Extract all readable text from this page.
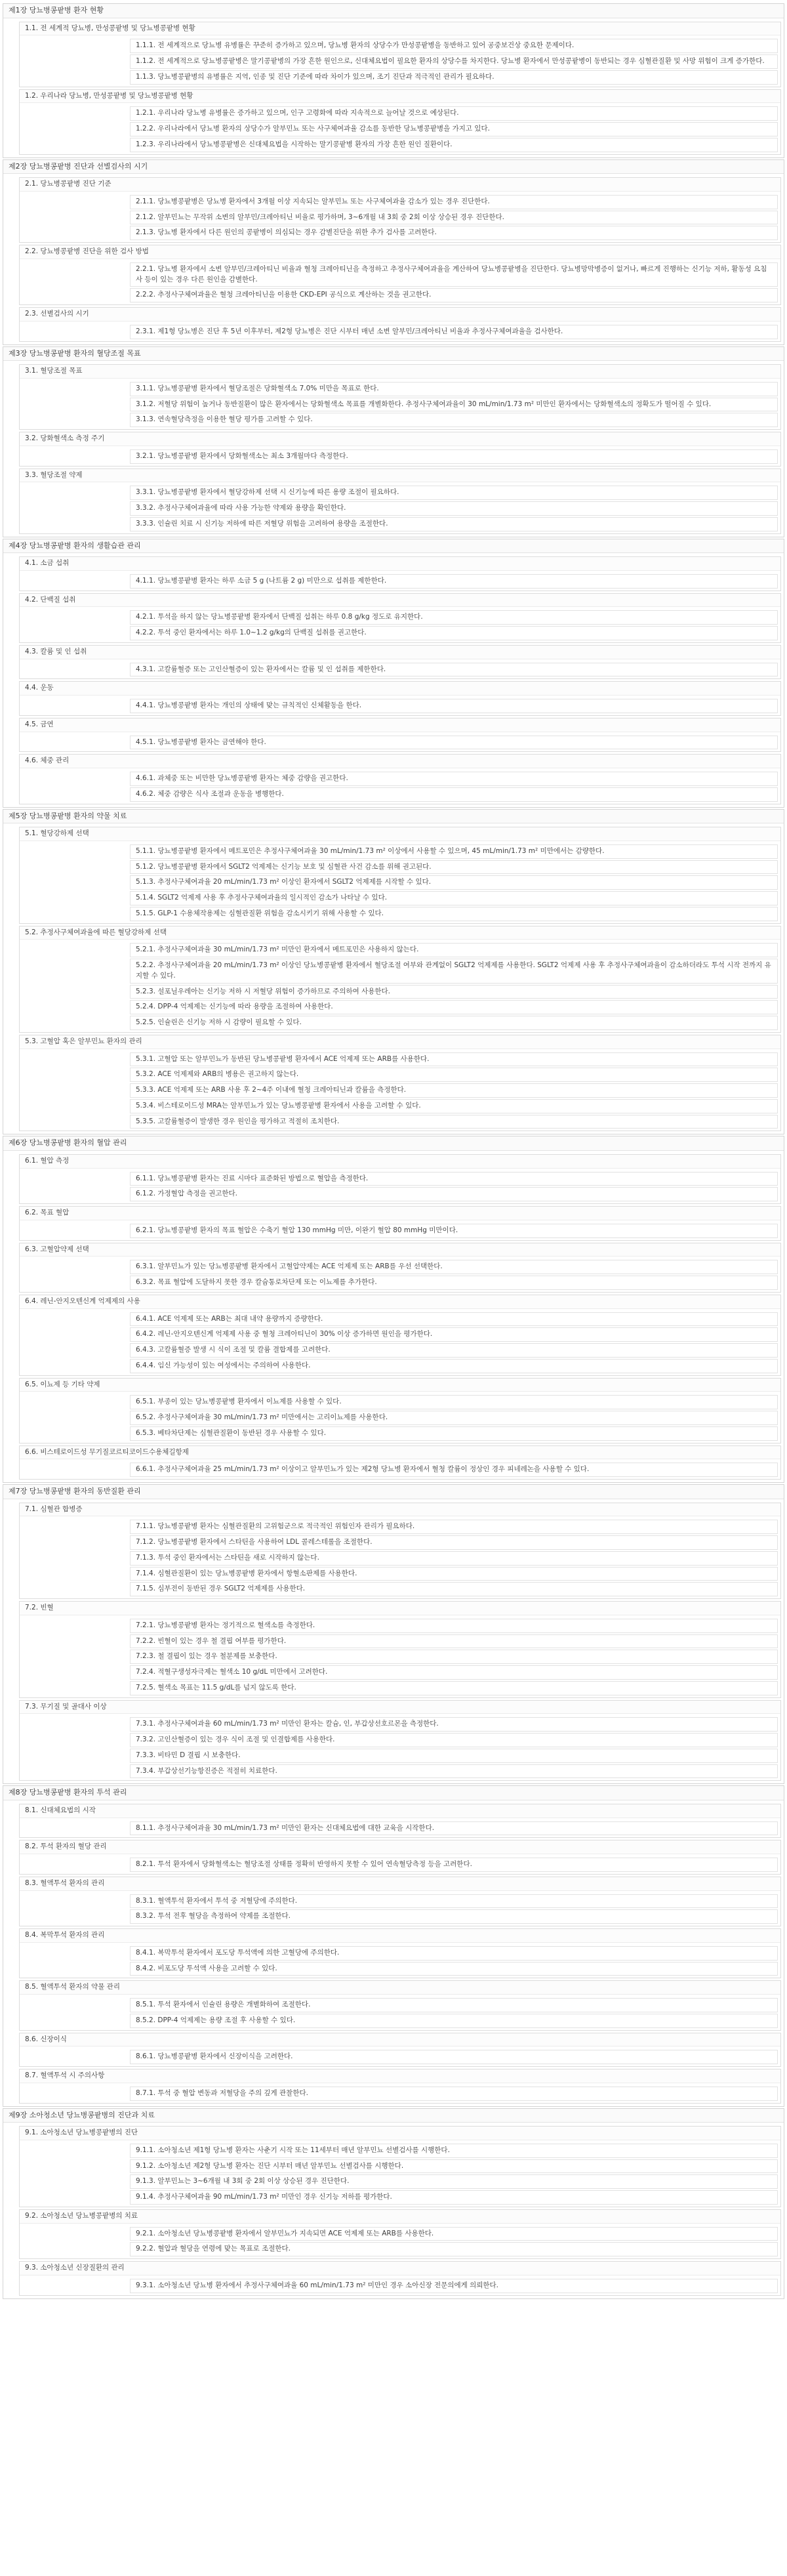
제1장 당뇨병콩팥병 환자 현황
1.1. 전 세계적 당뇨병, 만성콩팥병 및 당뇨병콩팥병 현황
1.1.1. 전 세계적으로 당뇨병 유병률은 꾸준히 증가하고 있으며, 당뇨병 환자의 상당수가 만성콩팥병을 동반하고 있어 공중보건상 중요한 문제이다.
1.1.2. 전 세계적으로 당뇨병콩팥병은 말기콩팥병의 가장 흔한 원인으로, 신대체요법이 필요한 환자의 상당수를 차지한다. 당뇨병 환자에서 만성콩팥병이 동반되는 경우 심혈관질환 및 사망 위험이 크게 증가한다.
1.1.3. 당뇨병콩팥병의 유병률은 지역, 인종 및 진단 기준에 따라 차이가 있으며, 조기 진단과 적극적인 관리가 필요하다.
1.2. 우리나라 당뇨병, 만성콩팥병 및 당뇨병콩팥병 현황
1.2.1. 우리나라 당뇨병 유병률은 증가하고 있으며, 인구 고령화에 따라 지속적으로 늘어날 것으로 예상된다.
1.2.2. 우리나라에서 당뇨병 환자의 상당수가 알부민뇨 또는 사구체여과율 감소를 동반한 당뇨병콩팥병을 가지고 있다.
1.2.3. 우리나라에서 당뇨병콩팥병은 신대체요법을 시작하는 말기콩팥병 환자의 가장 흔한 원인 질환이다.
제2장 당뇨병콩팥병 진단과 선별검사의 시기
2.1. 당뇨병콩팥병 진단 기준
2.1.1. 당뇨병콩팥병은 당뇨병 환자에서 3개월 이상 지속되는 알부민뇨 또는 사구체여과율 감소가 있는 경우 진단한다.
2.1.2. 알부민뇨는 무작위 소변의 알부민/크레아티닌 비율로 평가하며, 3~6개월 내 3회 중 2회 이상 상승된 경우 진단한다.
2.1.3. 당뇨병 환자에서 다른 원인의 콩팥병이 의심되는 경우 감별진단을 위한 추가 검사를 고려한다.
2.2. 당뇨병콩팥병 진단을 위한 검사 방법
2.2.1. 당뇨병 환자에서 소변 알부민/크레아티닌 비율과 혈청 크레아티닌을 측정하고 추정사구체여과율을 계산하여 당뇨병콩팥병을 진단한다. 당뇨병망막병증이 없거나, 빠르게 진행하는 신기능 저하, 활동성 요침사 등이 있는 경우 다른 원인을 감별한다.
2.2.2. 추정사구체여과율은 혈청 크레아티닌을 이용한 CKD-EPI 공식으로 계산하는 것을 권고한다.
2.3. 선별검사의 시기
2.3.1. 제1형 당뇨병은 진단 후 5년 이후부터, 제2형 당뇨병은 진단 시부터 매년 소변 알부민/크레아티닌 비율과 추정사구체여과율을 검사한다.
제3장 당뇨병콩팥병 환자의 혈당조절 목표
3.1. 혈당조절 목표
3.1.1. 당뇨병콩팥병 환자에서 혈당조절은 당화혈색소 7.0% 미만을 목표로 한다.
3.1.2. 저혈당 위험이 높거나 동반질환이 많은 환자에서는 당화혈색소 목표를 개별화한다. 추정사구체여과율이 30 mL/min/1.73 m² 미만인 환자에서는 당화혈색소의 정확도가 떨어질 수 있다.
3.1.3. 연속혈당측정을 이용한 혈당 평가를 고려할 수 있다.
3.2. 당화혈색소 측정 주기
3.2.1. 당뇨병콩팥병 환자에서 당화혈색소는 최소 3개월마다 측정한다.
3.3. 혈당조절 약제
3.3.1. 당뇨병콩팥병 환자에서 혈당강하제 선택 시 신기능에 따른 용량 조절이 필요하다.
3.3.2. 추정사구체여과율에 따라 사용 가능한 약제와 용량을 확인한다.
3.3.3. 인슐린 치료 시 신기능 저하에 따른 저혈당 위험을 고려하여 용량을 조절한다.
제4장 당뇨병콩팥병 환자의 생활습관 관리
4.1. 소금 섭취
4.1.1. 당뇨병콩팥병 환자는 하루 소금 5 g (나트륨 2 g) 미만으로 섭취를 제한한다.
4.2. 단백질 섭취
4.2.1. 투석을 하지 않는 당뇨병콩팥병 환자에서 단백질 섭취는 하루 0.8 g/kg 정도로 유지한다.
4.2.2. 투석 중인 환자에서는 하루 1.0~1.2 g/kg의 단백질 섭취를 권고한다.
4.3. 칼륨 및 인 섭취
4.3.1. 고칼륨혈증 또는 고인산혈증이 있는 환자에서는 칼륨 및 인 섭취를 제한한다.
4.4. 운동
4.4.1. 당뇨병콩팥병 환자는 개인의 상태에 맞는 규칙적인 신체활동을 한다.
4.5. 금연
4.5.1. 당뇨병콩팥병 환자는 금연해야 한다.
4.6. 체중 관리
4.6.1. 과체중 또는 비만한 당뇨병콩팥병 환자는 체중 감량을 권고한다.
4.6.2. 체중 감량은 식사 조절과 운동을 병행한다.
제5장 당뇨병콩팥병 환자의 약물 치료
5.1. 혈당강하제 선택
5.1.1. 당뇨병콩팥병 환자에서 메트포민은 추정사구체여과율 30 mL/min/1.73 m² 이상에서 사용할 수 있으며, 45 mL/min/1.73 m² 미만에서는 감량한다.
5.1.2. 당뇨병콩팥병 환자에서 SGLT2 억제제는 신기능 보호 및 심혈관 사건 감소를 위해 권고된다.
5.1.3. 추정사구체여과율 20 mL/min/1.73 m² 이상인 환자에서 SGLT2 억제제를 시작할 수 있다.
5.1.4. SGLT2 억제제 사용 후 추정사구체여과율의 일시적인 감소가 나타날 수 있다.
5.1.5. GLP-1 수용체작용제는 심혈관질환 위험을 감소시키기 위해 사용할 수 있다.
5.2. 추정사구체여과율에 따른 혈당강하제 선택
5.2.1. 추정사구체여과율 30 mL/min/1.73 m² 미만인 환자에서 메트포민은 사용하지 않는다.
5.2.2. 추정사구체여과율 20 mL/min/1.73 m² 이상인 당뇨병콩팥병 환자에서 혈당조절 여부와 관계없이 SGLT2 억제제를 사용한다. SGLT2 억제제 사용 후 추정사구체여과율이 감소하더라도 투석 시작 전까지 유지할 수 있다.
5.2.3. 설포닐우레아는 신기능 저하 시 저혈당 위험이 증가하므로 주의하여 사용한다.
5.2.4. DPP-4 억제제는 신기능에 따라 용량을 조절하여 사용한다.
5.2.5. 인슐린은 신기능 저하 시 감량이 필요할 수 있다.
5.3. 고혈압 혹은 알부민뇨 환자의 관리
5.3.1. 고혈압 또는 알부민뇨가 동반된 당뇨병콩팥병 환자에서 ACE 억제제 또는 ARB를 사용한다.
5.3.2. ACE 억제제와 ARB의 병용은 권고하지 않는다.
5.3.3. ACE 억제제 또는 ARB 사용 후 2~4주 이내에 혈청 크레아티닌과 칼륨을 측정한다.
5.3.4. 비스테로이드성 MRA는 알부민뇨가 있는 당뇨병콩팥병 환자에서 사용을 고려할 수 있다.
5.3.5. 고칼륨혈증이 발생한 경우 원인을 평가하고 적절히 조치한다.
제6장 당뇨병콩팥병 환자의 혈압 관리
6.1. 혈압 측정
6.1.1. 당뇨병콩팥병 환자는 진료 시마다 표준화된 방법으로 혈압을 측정한다.
6.1.2. 가정혈압 측정을 권고한다.
6.2. 목표 혈압
6.2.1. 당뇨병콩팥병 환자의 목표 혈압은 수축기 혈압 130 mmHg 미만, 이완기 혈압 80 mmHg 미만이다.
6.3. 고혈압약제 선택
6.3.1. 알부민뇨가 있는 당뇨병콩팥병 환자에서 고혈압약제는 ACE 억제제 또는 ARB를 우선 선택한다.
6.3.2. 목표 혈압에 도달하지 못한 경우 칼슘통로차단제 또는 이뇨제를 추가한다.
6.4. 레닌-안지오텐신계 억제제의 사용
6.4.1. ACE 억제제 또는 ARB는 최대 내약 용량까지 증량한다.
6.4.2. 레닌-안지오텐신계 억제제 사용 중 혈청 크레아티닌이 30% 이상 증가하면 원인을 평가한다.
6.4.3. 고칼륨혈증 발생 시 식이 조절 및 칼륨 결합제를 고려한다.
6.4.4. 임신 가능성이 있는 여성에서는 주의하여 사용한다.
6.5. 이뇨제 등 기타 약제
6.5.1. 부종이 있는 당뇨병콩팥병 환자에서 이뇨제를 사용할 수 있다.
6.5.2. 추정사구체여과율 30 mL/min/1.73 m² 미만에서는 고리이뇨제를 사용한다.
6.5.3. 베타차단제는 심혈관질환이 동반된 경우 사용할 수 있다.
6.6. 비스테로이드성 무기질코르티코이드수용체길항제
6.6.1. 추정사구체여과율 25 mL/min/1.73 m² 이상이고 알부민뇨가 있는 제2형 당뇨병 환자에서 혈청 칼륨이 정상인 경우 피네레논을 사용할 수 있다.
제7장 당뇨병콩팥병 환자의 동반질환 관리
7.1. 심혈관 합병증
7.1.1. 당뇨병콩팥병 환자는 심혈관질환의 고위험군으로 적극적인 위험인자 관리가 필요하다.
7.1.2. 당뇨병콩팥병 환자에서 스타틴을 사용하여 LDL 콜레스테롤을 조절한다.
7.1.3. 투석 중인 환자에서는 스타틴을 새로 시작하지 않는다.
7.1.4. 심혈관질환이 있는 당뇨병콩팥병 환자에서 항혈소판제를 사용한다.
7.1.5. 심부전이 동반된 경우 SGLT2 억제제를 사용한다.
7.2. 빈혈
7.2.1. 당뇨병콩팥병 환자는 정기적으로 혈색소를 측정한다.
7.2.2. 빈혈이 있는 경우 철 결핍 여부를 평가한다.
7.2.3. 철 결핍이 있는 경우 철분제를 보충한다.
7.2.4. 적혈구생성자극제는 혈색소 10 g/dL 미만에서 고려한다.
7.2.5. 혈색소 목표는 11.5 g/dL를 넘지 않도록 한다.
7.3. 무기질 및 골대사 이상
7.3.1. 추정사구체여과율 60 mL/min/1.73 m² 미만인 환자는 칼슘, 인, 부갑상선호르몬을 측정한다.
7.3.2. 고인산혈증이 있는 경우 식이 조절 및 인결합제를 사용한다.
7.3.3. 비타민 D 결핍 시 보충한다.
7.3.4. 부갑상선기능항진증은 적절히 치료한다.
제8장 당뇨병콩팥병 환자의 투석 관리
8.1. 신대체요법의 시작
8.1.1. 추정사구체여과율 30 mL/min/1.73 m² 미만인 환자는 신대체요법에 대한 교육을 시작한다.
8.2. 투석 환자의 혈당 관리
8.2.1. 투석 환자에서 당화혈색소는 혈당조절 상태를 정확히 반영하지 못할 수 있어 연속혈당측정 등을 고려한다.
8.3. 혈액투석 환자의 관리
8.3.1. 혈액투석 환자에서 투석 중 저혈당에 주의한다.
8.3.2. 투석 전후 혈당을 측정하여 약제를 조절한다.
8.4. 복막투석 환자의 관리
8.4.1. 복막투석 환자에서 포도당 투석액에 의한 고혈당에 주의한다.
8.4.2. 비포도당 투석액 사용을 고려할 수 있다.
8.5. 혈액투석 환자의 약물 관리
8.5.1. 투석 환자에서 인슐린 용량은 개별화하여 조절한다.
8.5.2. DPP-4 억제제는 용량 조절 후 사용할 수 있다.
8.6. 신장이식
8.6.1. 당뇨병콩팥병 환자에서 신장이식을 고려한다.
8.7. 혈액투석 시 주의사항
8.7.1. 투석 중 혈압 변동과 저혈당을 주의 깊게 관찰한다.
제9장 소아청소년 당뇨병콩팥병의 진단과 치료
9.1. 소아청소년 당뇨병콩팥병의 진단
9.1.1. 소아청소년 제1형 당뇨병 환자는 사춘기 시작 또는 11세부터 매년 알부민뇨 선별검사를 시행한다.
9.1.2. 소아청소년 제2형 당뇨병 환자는 진단 시부터 매년 알부민뇨 선별검사를 시행한다.
9.1.3. 알부민뇨는 3~6개월 내 3회 중 2회 이상 상승된 경우 진단한다.
9.1.4. 추정사구체여과율 90 mL/min/1.73 m² 미만인 경우 신기능 저하를 평가한다.
9.2. 소아청소년 당뇨병콩팥병의 치료
9.2.1. 소아청소년 당뇨병콩팥병 환자에서 알부민뇨가 지속되면 ACE 억제제 또는 ARB를 사용한다.
9.2.2. 혈압과 혈당을 연령에 맞는 목표로 조절한다.
9.3. 소아청소년 신장질환의 관리
9.3.1. 소아청소년 당뇨병 환자에서 추정사구체여과율 60 mL/min/1.73 m² 미만인 경우 소아신장 전문의에게 의뢰한다.
